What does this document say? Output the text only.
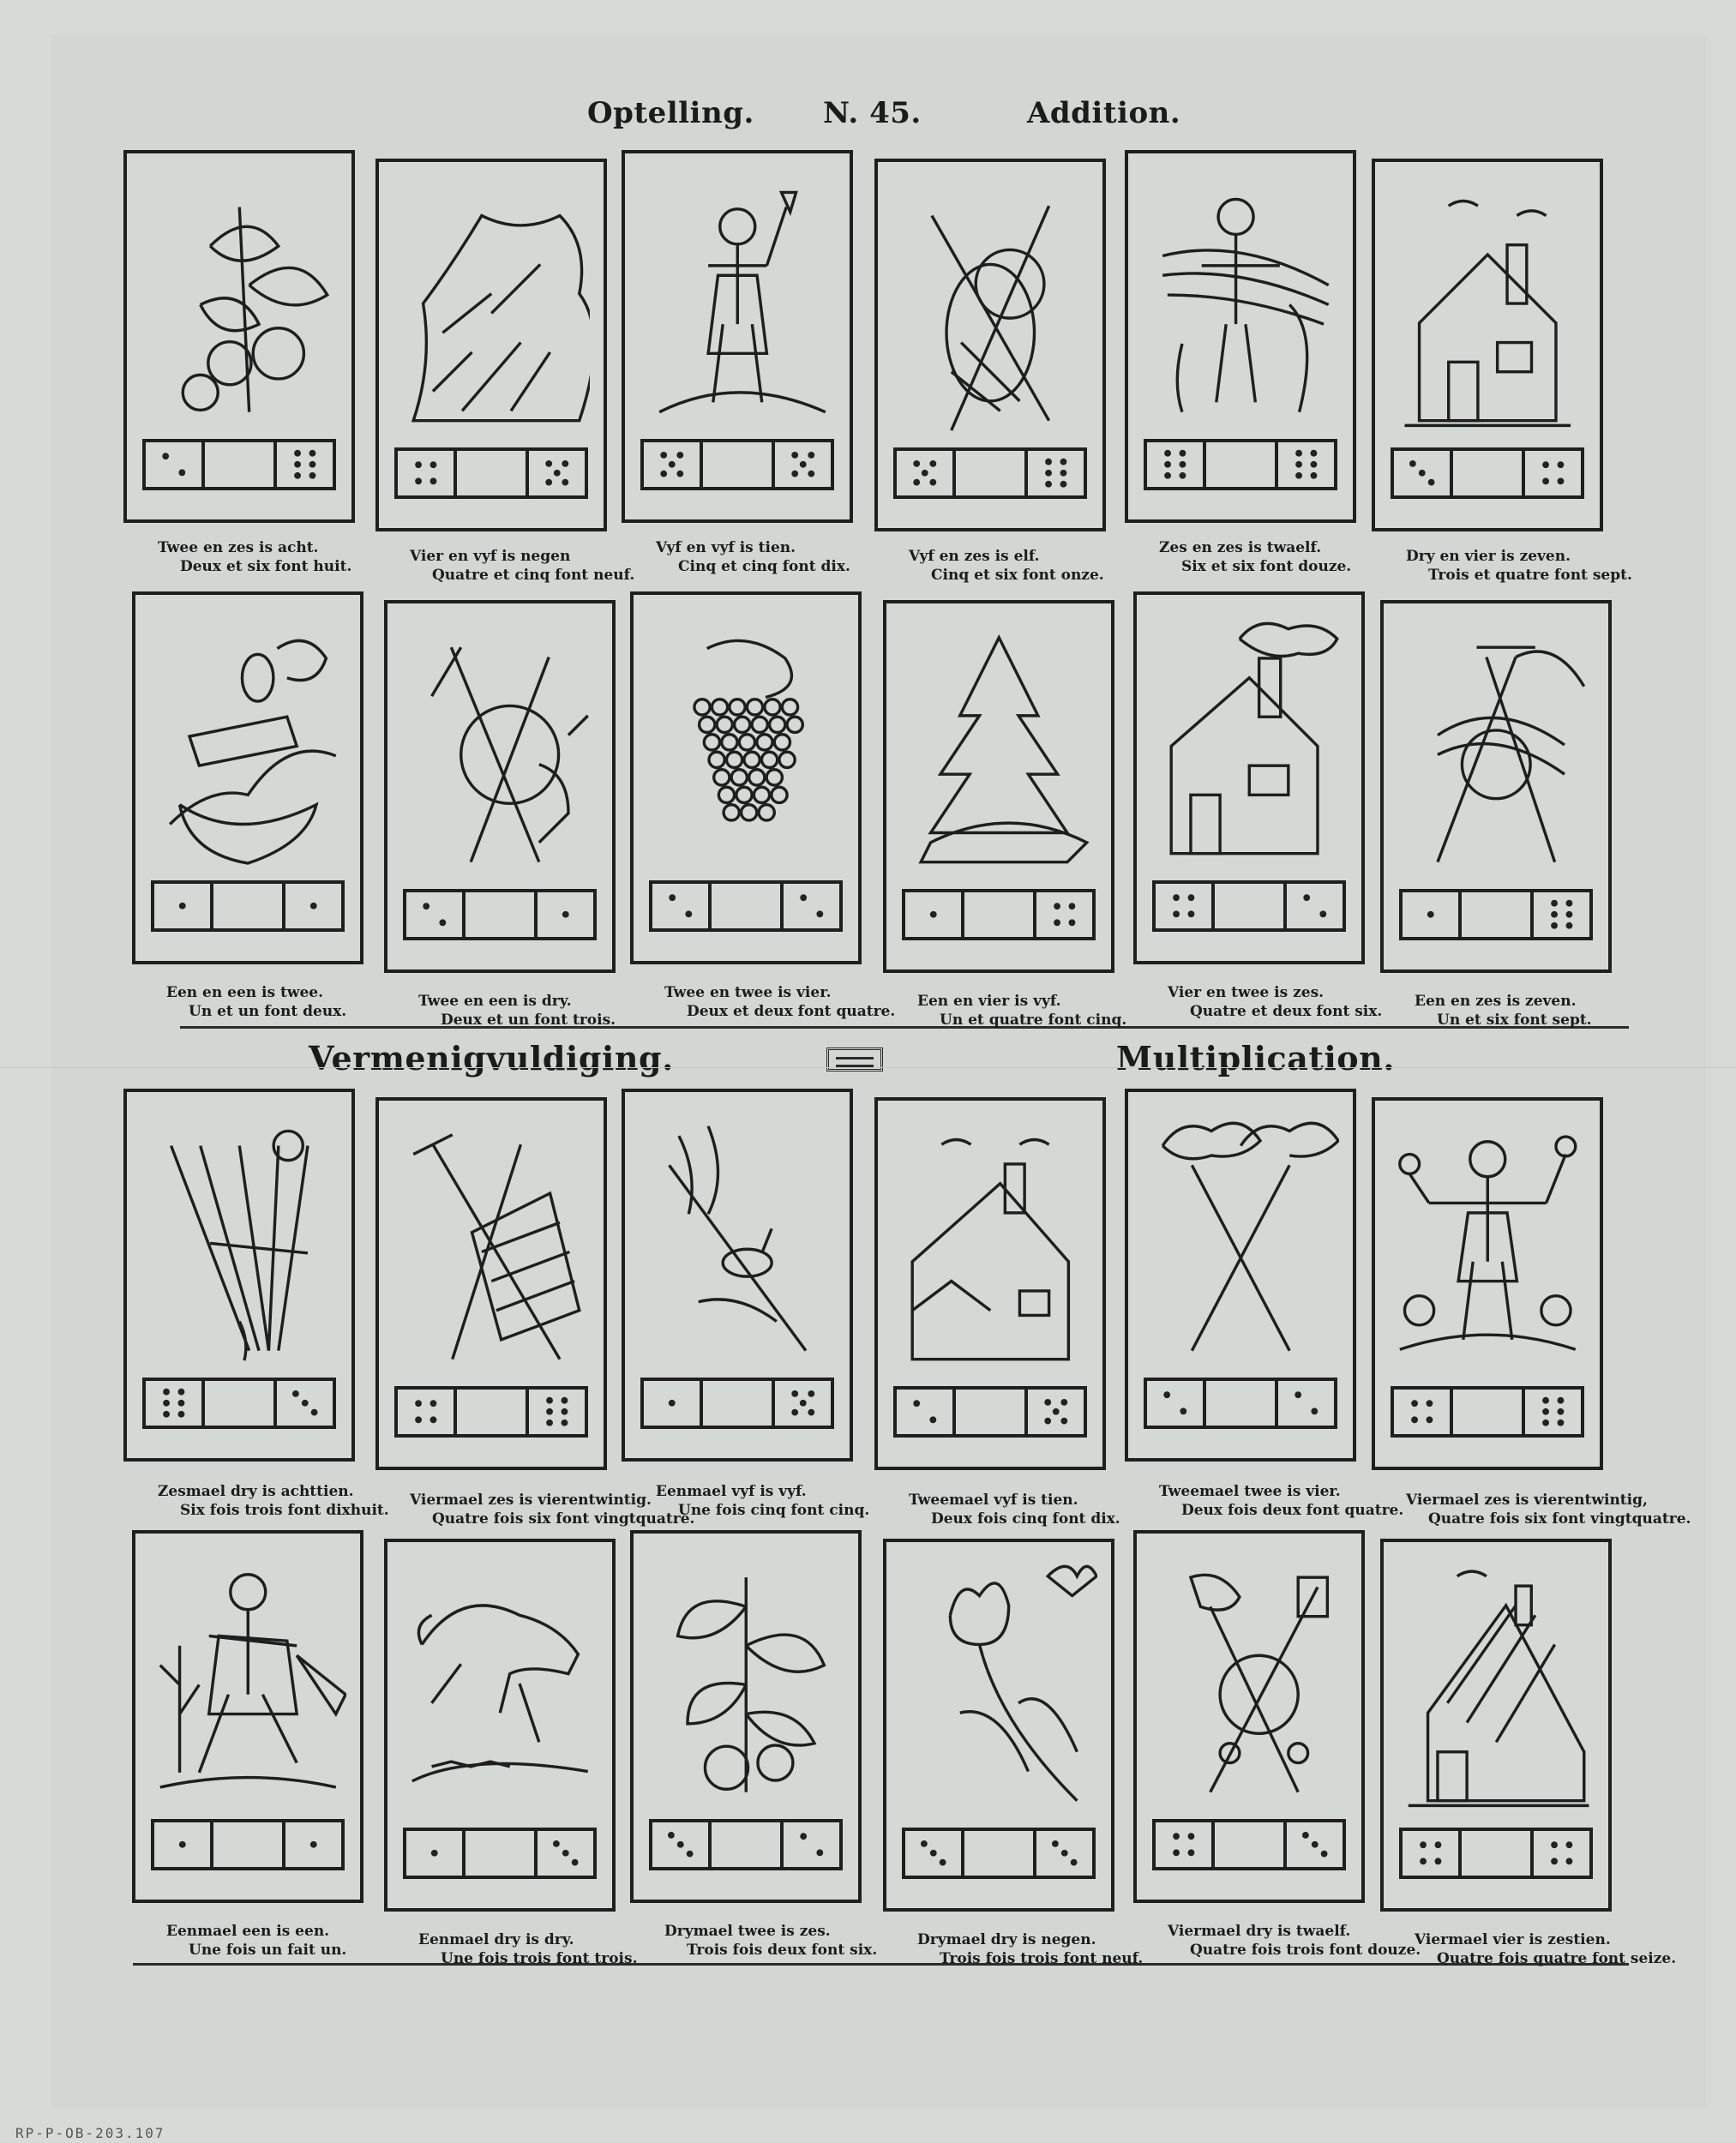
Optelling. N. 45.	Addition.
Vermenigvuldiging.	Multiplication.
Twee en zes is acht.
Deux et six font huit.
Vier en vyf is negen
Quatre et cinq font neuf.
Vyf en vyf is tien.
Cinq et cinq font dix.
Vyf en zes is elf.
Cinq et six font onze.
Zes en zes is twaelf.
Six et six font douze.
Dry en vier is zeven.
Trois et quatre font sept.
Een en een is twee.
Un et un font deux.
Twee en een is dry.
Deux et un font trois.
Twee en twee is vier.
Deux et deux font quatre.
Een en vier is vyf.
Un et quatre font cinq.
Vier en twee is zes.
Quatre et deux font six.
Een en zes is zeven.
Un et six font sept.
Zesmael dry is achttien.
Six fois trois font dixhuit.
Viermael zes is vierentwintig.
Quatre fois six font vingtquatre.
Eenmael vyf is vyf.
Une fois cinq font cinq.
Tweemael vyf is tien.
Deux fois cinq font dix.
Tweemael twee is vier.
Deux fois deux font quatre.
Viermael zes is vierentwintig,
Quatre fois six font vingtquatre.
Eenmael een is een.
Une fois un fait un.
Eenmael dry is dry.
Une fois trois font trois.
Drymael twee is zes.
Trois fois deux font six.
Drymael dry is negen.
Trois fois trois font neuf.
Viermael dry is twaelf.
Quatre fois trois font douze.
Viermael vier is zestien.
Quatre fois quatre font seize.
RP-P-OB-203.107
